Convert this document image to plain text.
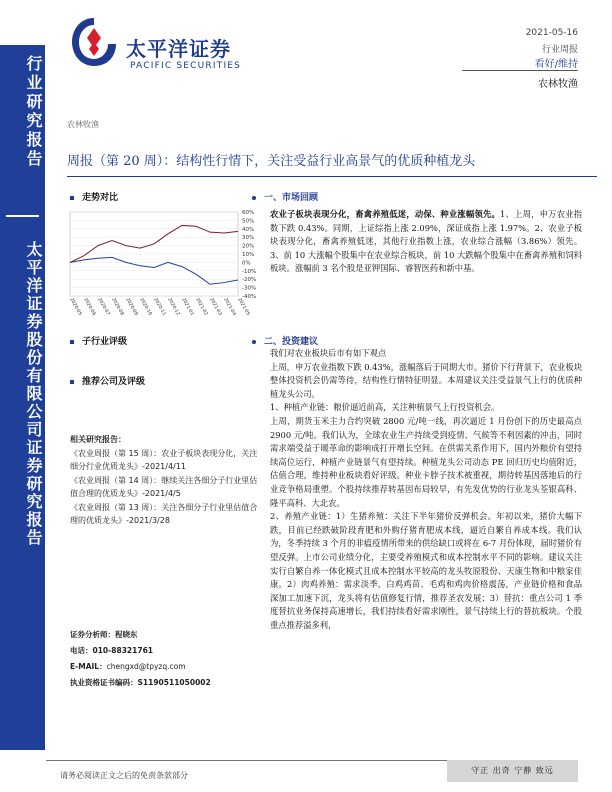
太平洋证券
PACIFIC SECURITIES
2021-05-16
行业周报
看好/维持
农林牧渔
行业研究报告
太平洋证券股份有限公司证券研究报告
农林牧渔
周报（第 20 周）：结构性行情下，关注受益行业高景气的优质种植龙头
走势对比
60%
50%
40%
30%
20%
10%
0%
-10%
-20%
-30%
-40%
2020-05 2020-06 2020-07 2020-08 2020-09 2020-10 2020-11 2020-12 2021-01 2021-02 2021-03 2021-04 2021-05
子行业评级
推荐公司及评级
相关研究报告：
《农业周报（第 15 周）：农业子板块表现分化，关注细分行业优质龙头》-2021/4/11
《农业周报（第 14 周）：继续关注各细分子行业里估值合理的优质龙头》-2021/4/5
《农业周报（第 13 周）：关注各细分子行业里估值合理的优质龙头》-2021/3/28
证券分析师：程晓东
电话：010-88321761
E-MAIL：chengxd@tpyzq.com
执业资格证书编码：S1190511050002
一、市场回顾

农业子板块表现分化，畜禽养殖低迷，动保、种业涨幅领先。1、上周，申万农业指数下跌 0.43%。同期，上证综指上涨 2.09%，深证成指上涨 1.97%。2、农业子板块表现分化，畜禽养殖低迷，其他行业指数上涨，农业综合涨幅（3.86%）领先。3、前 10 大涨幅个股集中在农业综合板块，前 10 大跌幅个股集中在畜禽养殖和饲料板块。涨幅前 3 名个股是亚钾国际、睿智医药和新中基。

二、投资建议

我们对农业板块后市有如下观点

上周，申万农业指数下跌 0.43%，涨幅落后于同期大市。猪价下行背景下，农业板块整体投资机会仍需等待，结构性行情特征明显。本周建议关注受益景气上行的优质种植龙头公司。

1、种植产业链：粮价逼近前高，关注种植景气上行投资机会。

上周，期货玉米主力合约突破 2800 元/吨一线，再次逼近 1 月份创下的历史最高点 2900 元/吨。我们认为，全球农业生产持续受到疫情、气候等不利因素的冲击，同时需求端受益于暖革命的影响成打开增长空间。在供需关系作用下，国内外粮价有望持续高位运行，种植产业链景气有望持续。种植龙头公司动态 PE 回归历史均值附近，估值合理，维持种业板块看好评级。种业卡脖子技术被重视，期待转基因落地后的行业竞争格局重塑。个股持续推荐转基因布局较早，有先发优势的行业龙头荃银高科、隆平高科、大北农。

2、养殖产业链：1）生猪养殖：关注下半年猪价反弹机会。年初以来，猪价大幅下跌，目前已经跌破阶段育肥和外购仔猪育肥成本线，逼近自繁自养成本线。我们认为，冬季持续 3 个月的非瘟疫情所带来的供给缺口或将在 6-7 月份体现，届时猪价有望反弹。上市公司业绩分化，主要受养殖模式和成本控制水平不同的影响。建议关注实行自繁自养一体化模式且成本控制水平较高的龙头牧原股份、天康生物和中粮家佳康。2）肉鸡养殖：需求淡季，白鸡鸡苗、毛鸡和鸡肉价格震荡，产业链价格和食品深加工加速下沉，龙头将有估值修复行情，推荐圣农发展；3）替抗：重点公司 1 季度替抗业务保持高速增长，我们持续看好需求刚性，景气持续上行的替抗板块。个股重点推荐溢多利，

请务必阅读正文之后的免责条款部分
守正 出奇 宁静 致远
